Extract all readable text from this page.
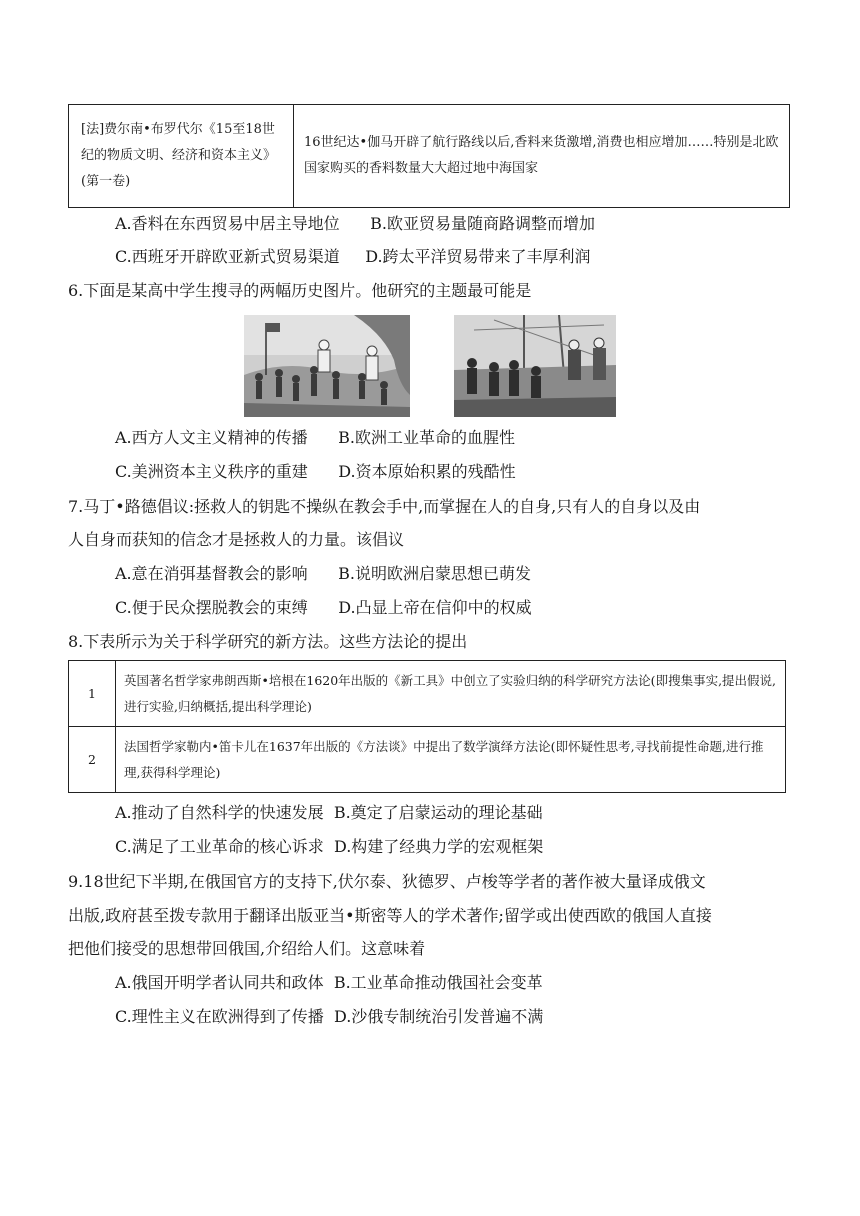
[法]费尔南•布罗代尔《15至18世纪的物质文明、经济和资本主义》(第一卷)	16世纪达•伽马开辟了航行路线以后,香料来货激增,消费也相应增加……特别是北欧国家购买的香料数量大大超过地中海国家
A.香料在东西贸易中居主导地位 B.欧亚贸易量随商路调整而增加
C.西班牙开辟欧亚新式贸易渠道 D.跨太平洋贸易带来了丰厚利润
6.下面是某高中学生搜寻的两幅历史图片。他研究的主题最可能是
A.西方人文主义精神的传播 B.欧洲工业革命的血腥性
C.美洲资本主义秩序的重建 D.资本原始积累的残酷性
7.马丁•路德倡议:拯救人的钥匙不操纵在教会手中,而掌握在人的自身,只有人的自身以及由
人自身而获知的信念才是拯救人的力量。该倡议
A.意在消弭基督教会的影响 B.说明欧洲启蒙思想已萌发
C.便于民众摆脱教会的束缚 D.凸显上帝在信仰中的权威
8.下表所示为关于科学研究的新方法。这些方法论的提出
1	英国著名哲学家弗朗西斯•培根在1620年出版的《新工具》中创立了实验归纳的科学研究方法论(即搜集事实,提出假说,进行实验,归纳概括,提出科学理论)
2	法国哲学家勒内•笛卡儿在1637年出版的《方法谈》中提出了数学演绎方法论(即怀疑性思考,寻找前提性命题,进行推理,获得科学理论)
A.推动了自然科学的快速发展 B.奠定了启蒙运动的理论基础
C.满足了工业革命的核心诉求 D.构建了经典力学的宏观框架
9.18世纪下半期,在俄国官方的支持下,伏尔泰、狄德罗、卢梭等学者的著作被大量译成俄文
出版,政府甚至拨专款用于翻译出版亚当•斯密等人的学术著作;留学或出使西欧的俄国人直接
把他们接受的思想带回俄国,介绍给人们。这意味着
A.俄国开明学者认同共和政体 B.工业革命推动俄国社会变革
C.理性主义在欧洲得到了传播 D.沙俄专制统治引发普遍不满
